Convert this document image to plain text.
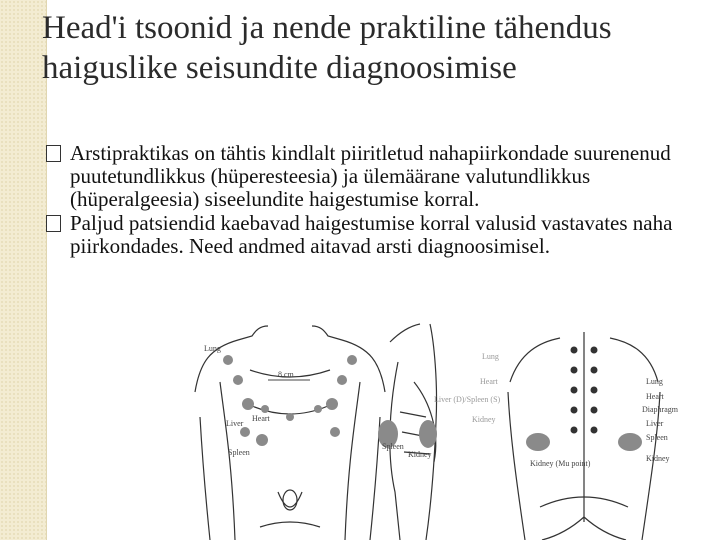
Head'i tsoonid ja nende praktiline tähendus haiguslike seisundite diagnoosimise
Arstipraktikas on tähtis kindlalt piiritletud nahapiirkondade suurenenud puutetundlikkus (hüperesteesia) ja ülemäärane valutundlikkus (hüperalgeesia) siseelundite haigestumise korral.
Paljud patsiendid kaebavad haigestumise korral valusid vastavates naha piirkondades. Need andmed aitavad arsti diagnoosimisel.
Lung
8 cm
Liver
Heart
Spleen
Spleen
Kidney
Lung
Heart
Liver (D)/Spleen (S)
Kidney
Lung
Heart
Diaphragm
Liver
Spleen
Kidney
Kidney (Mu point)
